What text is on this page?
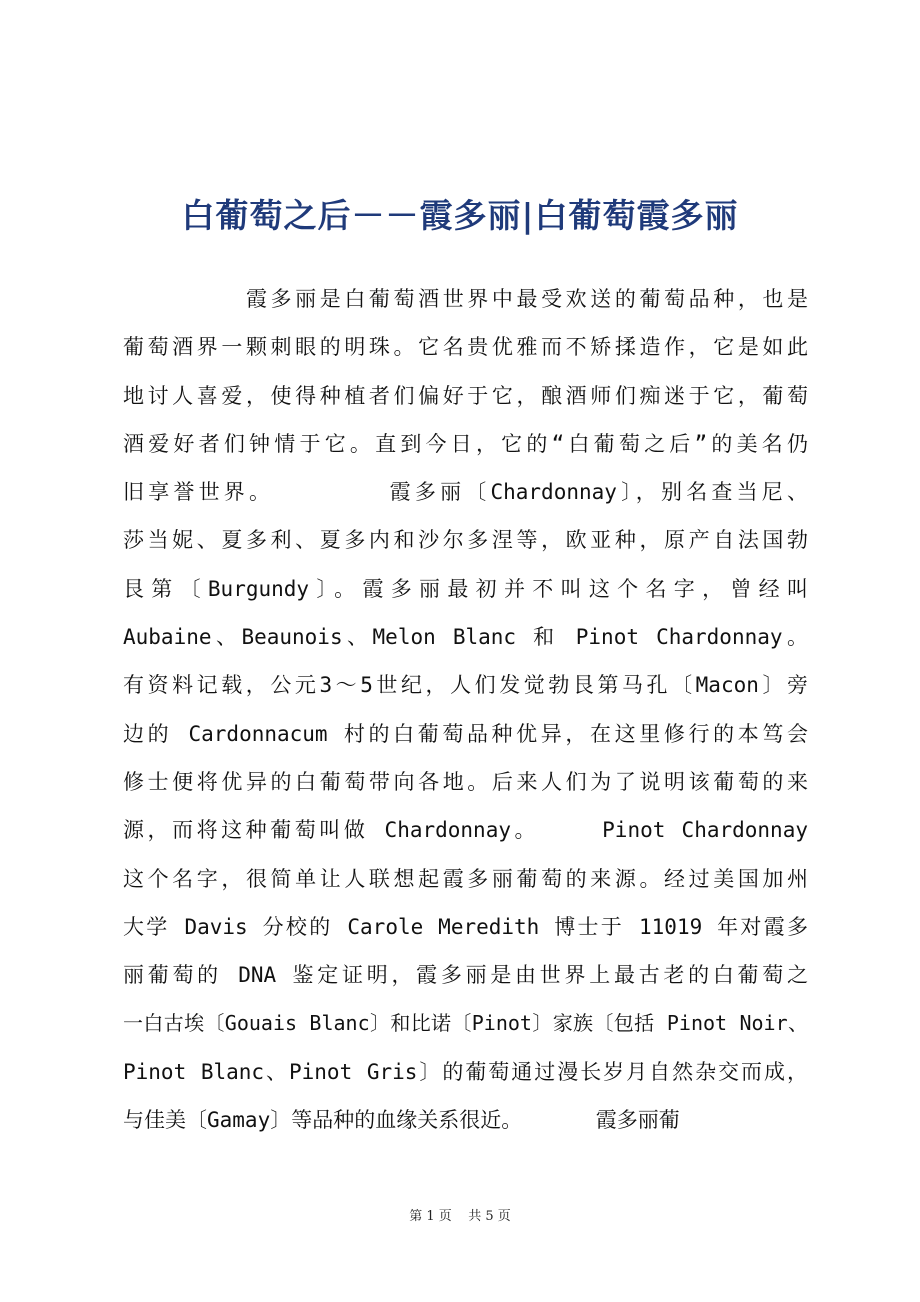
白葡萄之后－－霞多丽|白葡萄霞多丽
　　　　　霞多丽是白葡萄酒世界中最受欢送的葡萄品种，也是
葡萄酒界一颗刺眼的明珠。它名贵优雅而不矫揉造作，它是如此
地讨人喜爱，使得种植者们偏好于它，酿酒师们痴迷于它，葡萄
酒爱好者们钟情于它。直到今日，它的“白葡萄之后”的美名仍
旧享誉世界。　　　　　霞多丽〔Chardonnay〕，别名查当尼、
莎当妮、夏多利、夏多内和沙尔多涅等，欧亚种，原产自法国勃
艮第〔Burgundy〕。霞多丽最初并不叫这个名字，曾经叫
Aubaine、Beaunois、Melon Blanc 和 Pinot Chardonnay。
有资料记载，公元3～5世纪，人们发觉勃艮第马孔〔Macon〕旁
边的 Cardonnacum 村的白葡萄品种优异，在这里修行的本笃会
修士便将优异的白葡萄带向各地。后来人们为了说明该葡萄的来
源，而将这种葡萄叫做 Chardonnay。　　　Pinot Chardonnay
这个名字，很简单让人联想起霞多丽葡萄的来源。经过美国加州
大学 Davis 分校的 Carole Meredith 博士于 11019 年对霞多
丽葡萄的 DNA 鉴定证明，霞多丽是由世界上最古老的白葡萄之
一白古埃〔Gouais Blanc〕和比诺〔Pinot〕家族〔包括 Pinot Noir、
Pinot Blanc、Pinot Gris〕的葡萄通过漫长岁月自然杂交而成，
与佳美〔Gamay〕等品种的血缘关系很近。　　　　霞多丽葡
第 1 页    共 5 页
